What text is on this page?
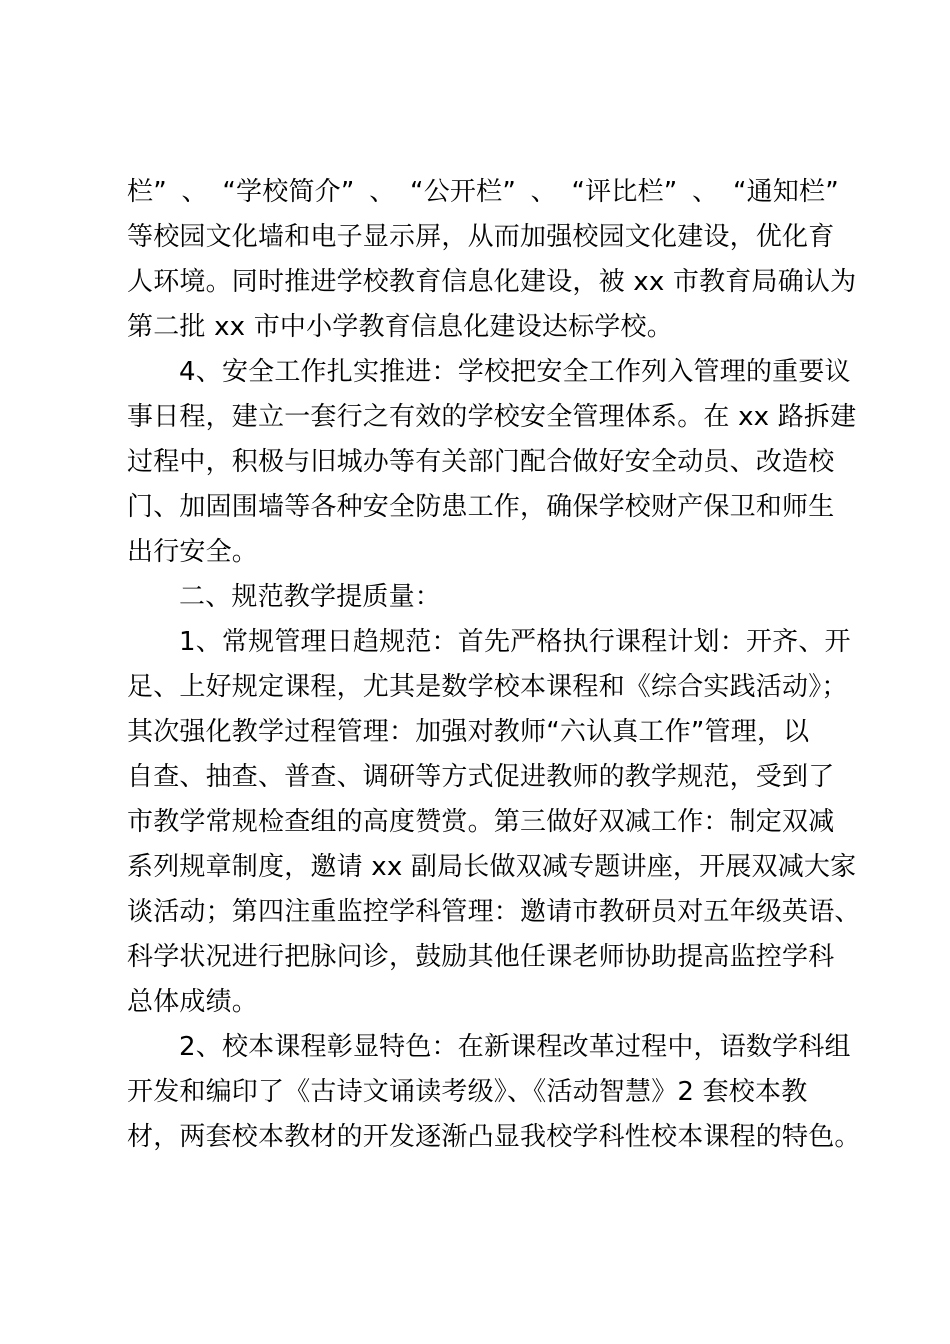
栏” 、 “学校简介” 、 “公开栏” 、 “评比栏” 、 “通知栏”
等校园文化墙和电子显示屏，从而加强校园文化建设，优化育
人环境。同时推进学校教育信息化建设，被 xx 市教育局确认为
第二批 xx 市中小学教育信息化建设达标学校。
4、安全工作扎实推进：学校把安全工作列入管理的重要议
事日程，建立一套行之有效的学校安全管理体系。在 xx 路拆建
过程中，积极与旧城办等有关部门配合做好安全动员、改造校
门、加固围墙等各种安全防患工作，确保学校财产保卫和师生
出行安全。
二、规范教学提质量：
1、常规管理日趋规范：首先严格执行课程计划：开齐、开
足、上好规定课程，尤其是数学校本课程和《综合实践活动》；
其次强化教学过程管理：加强对教师“六认真工作”管理，以
自查、抽查、普查、调研等方式促进教师的教学规范，受到了
市教学常规检查组的高度赞赏。第三做好双减工作：制定双减
系列规章制度，邀请 xx 副局长做双减专题讲座，开展双减大家
谈活动；第四注重监控学科管理：邀请市教研员对五年级英语、
科学状况进行把脉问诊，鼓励其他任课老师协助提高监控学科
总体成绩。
2、校本课程彰显特色：在新课程改革过程中，语数学科组
开发和编印了《古诗文诵读考级》、《活动智慧》2 套校本教
材，两套校本教材的开发逐渐凸显我校学科性校本课程的特色。
